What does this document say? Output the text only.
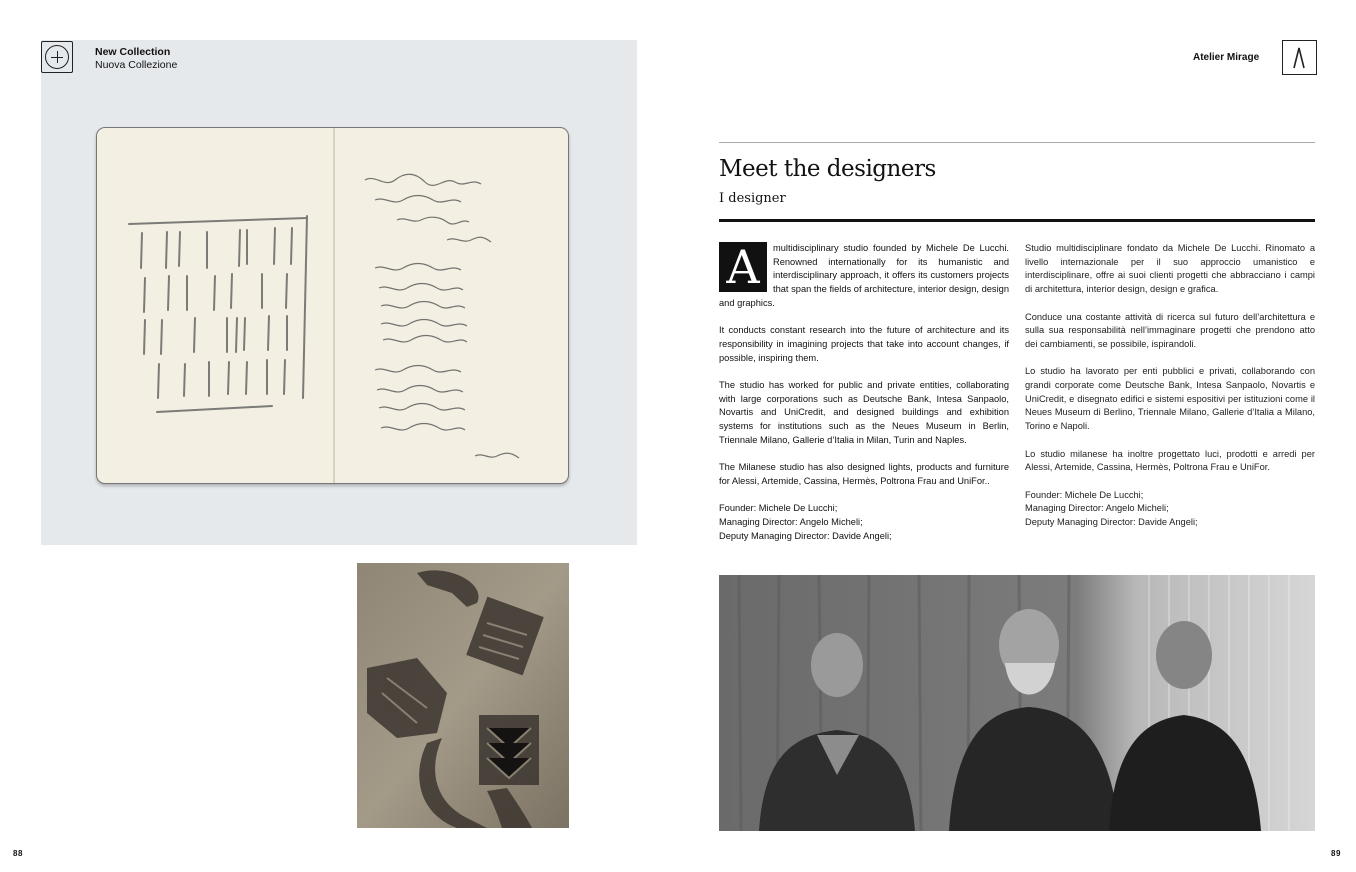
New Collection
Nuova Collezione
88
Atelier Mirage
Meet the designers
I designer

A	multidisciplinary studio founded by Michele De Lucchi. Renowned internationally for its humanistic and interdisciplinary approach, it offers its customers projects that span the fields of architecture, interior design, design and graphics.

It conducts constant research into the future of architecture and its responsibility in imagining projects that take into account changes, if possible, inspiring them.

The studio has worked for public and private entities, collaborating with large corporations such as Deutsche Bank, Intesa Sanpaolo, Novartis and UniCredit, and designed buildings and exhibition systems for institutions such as the Neues Museum in Berlin, Triennale Milano, Gallerie d’Italia in Milan, Turin and Naples.

The Milanese studio has also designed lights, products and furniture for Alessi, Artemide, Cassina, Hermès, Poltrona Frau and UniFor..

Founder: Michele De Lucchi;
Managing Director: Angelo Micheli;
Deputy Managing Director: Davide Angeli;

Studio multidisciplinare fondato da Michele De Lucchi. Rinomato a livello internazionale per il suo approccio umanistico e interdisciplinare, offre ai suoi clienti progetti che abbracciano i campi di architettura, interior design, design e grafica.

Conduce una costante attività di ricerca sul futuro dell’architettura e sulla sua responsabilità nell’immaginare progetti che prendono atto dei cambiamenti, se possibile, ispirandoli.

Lo studio ha lavorato per enti pubblici e privati, collaborando con grandi corporate come Deutsche Bank, Intesa Sanpaolo, Novartis e UniCredit, e disegnato edifici e sistemi espositivi per istituzioni come il Neues Museum di Berlino, Triennale Milano, Gallerie d’Italia a Milano, Torino e Napoli.

Lo studio milanese ha inoltre progettato luci, prodotti e arredi per Alessi, Artemide, Cassina, Hermès, Poltrona Frau e UniFor.

Founder: Michele De Lucchi;
Managing Director: Angelo Micheli;
Deputy Managing Director: Davide Angeli;

89
